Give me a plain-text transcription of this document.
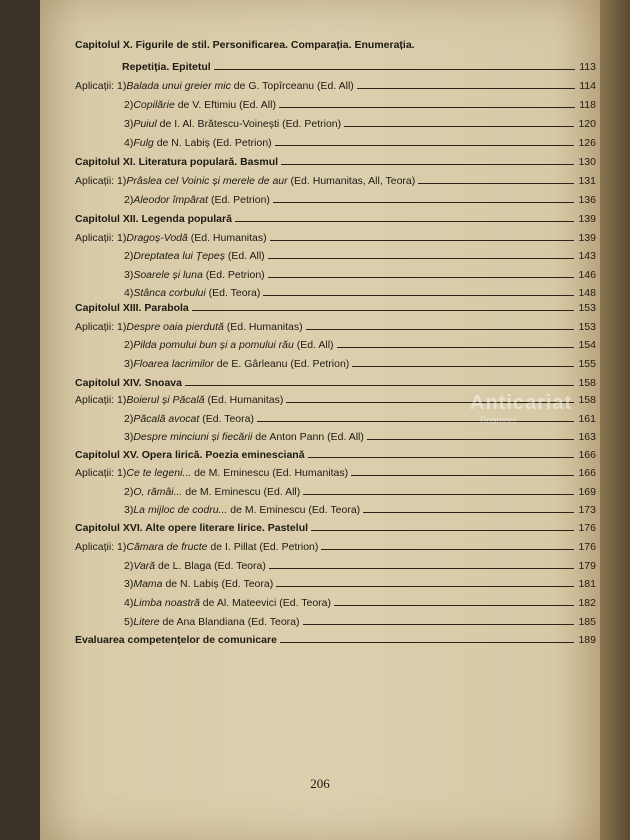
Capitolul X. Figurile de stil. Personificarea. Comparația. Enumerația.
Repetiția. Epitetul	113
Aplicații: 1) Balada unui greier mic de G. Topîrceanu (Ed. All)	114
2) Copilărie de V. Eftimiu (Ed. All)	118
3) Puiul de I. Al. Brătescu-Voinești (Ed. Petrion)	120
4) Fulg de N. Labiș (Ed. Petrion)	126
Capitolul XI. Literatura populară. Basmul	130
Aplicații: 1) Prâslea cel Voinic și merele de aur (Ed. Humanitas, All, Teora)	131
2) Aleodor împărat (Ed. Petrion)	136
Capitolul XII. Legenda populară	139
Aplicații: 1) Dragoș-Vodă (Ed. Humanitas)	139
2) Dreptatea lui Țepeș (Ed. All)	143
3) Soarele și luna (Ed. Petrion)	146
4) Stânca corbului (Ed. Teora)	148
Capitolul XIII. Parabola	153
Aplicații: 1) Despre oaia pierdută (Ed. Humanitas)	153
2) Pilda pomului bun și a pomului rău (Ed. All)	154
3) Floarea lacrimilor de E. Gârleanu (Ed. Petrion)	155
Capitolul XIV. Snoava	158
Aplicații: 1) Boierul și Păcală (Ed. Humanitas)	158
2) Păcală avocat (Ed. Teora)	161
3) Despre minciuni și fiecării de Anton Pann (Ed. All)	163
Capitolul XV. Opera lirică. Poezia eminesciană	166
Aplicații: 1) Ce te legeni... de M. Eminescu (Ed. Humanitas)	166
2) O, rămâi... de M. Eminescu (Ed. All)	169
3) La mijloc de codru... de M. Eminescu (Ed. Teora)	173
Capitolul XVI. Alte opere literare lirice. Pastelul	176
Aplicații: 1) Cămara de fructe de I. Pillat (Ed. Petrion)	176
2) Vară de L. Blaga (Ed. Teora)	179
3) Mama de N. Labiș (Ed. Teora)	181
4) Limba noastră de Al. Mateevici (Ed. Teora)	182
5) Litere de Ana Blandiana (Ed. Teora)	185
Evaluarea competențelor de comunicare	189
Anticariat
Doamnei
206
